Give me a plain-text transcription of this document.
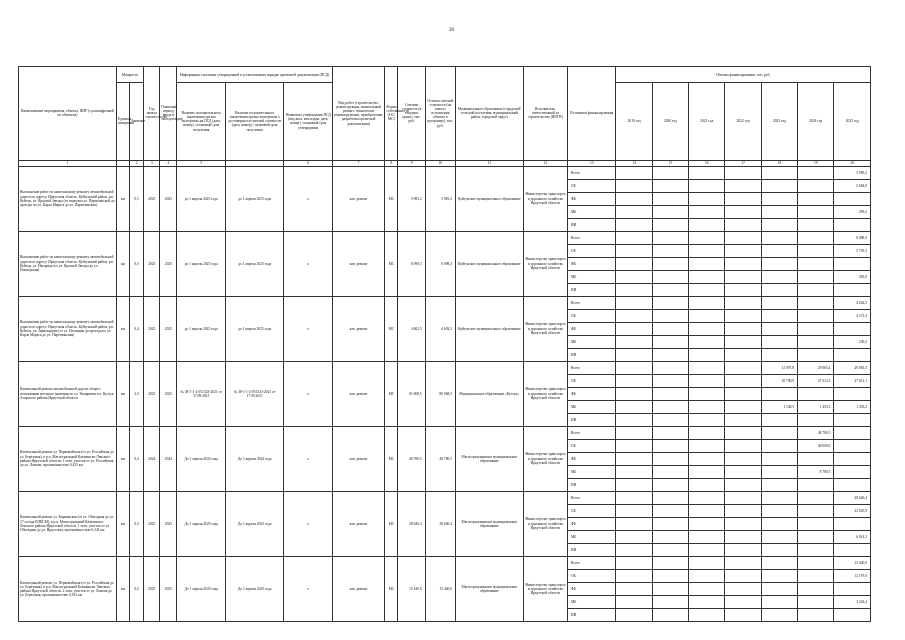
28
Наименование мероприятия, объекта, ПИР (с расшифровкой по объектам)	Мощность		Год начала строительства	Плановый период ввода в эксплуатацию	Информация о наличии утвержденной в установленном порядке проектной документации (ПСД)			Вид работ (строительство, реконструкция, капитальный ремонт, техническое перевооружение, приобретение, разработка проектной документации)	Форма собственности (ОС/МС)	Сметная стоимость (в текущих ценах), тыс. руб.	Остаток сметной стоимости (на начало исполнения объекта в программу), тыс. руб.	Муниципальное образование (городской/сельский поселения, муниципальный район, городской округ)	Исполнитель, ответственный за строительство (ИОГВ)	Источники финансирования	Объемы финансирования, тыс. руб.						
	Единица измерения	Значение			Наличие положительного заключения органа экспертизы на ПСД (дата, номер) / плановый срок получения	Наличие положительного заключения органа экспертизы о достоверности сметной стоимости (дата, номер) / плановый срок получения	Реквизиты утверждения ПСД (вид акта, кем издан, дата, номер) / плановый срок утверждения								2019 год	2020 год	2021 год	2022 год	2023 год	2024 год	2025 год
1		2	3	4	5		6	7	8	9	10	11	12	13	14	15	16	17	18	19	20
Выполнение работ по капитальному ремонту автомобильной дороги по адресу: Иркутская область, Куйтунский район, р.п. Куйтун, ул. Красной Звезды (от переулка ул. Партизанской до проезда по ул. Карла Маркса до ул. Партизанская)	км	0,5	2025	2025	до 1 апреля 2025 года	до 1 апреля 2025 года	х	кап. ремонт	МС	5 983,2	5 983,2	Куйтунское муниципальное образование	Министерство транспорта и дорожного хозяйства Иркутской области	Всего							5 983,2
														ОБ							5 684,0
														ФБ							
														МБ							299,2
														ИИ							
Выполнение работ по капитальному ремонту автомобильной дороги по адресу: Иркутская область, Куйтунский район, р.п. Куйтун, ул. Нагорная (от ул. Красной Звезды до ул. Пионерская)	км	0,5	2025	2025	до 1 апреля 2025 года	до 1 апреля 2025 года	х	кап. ремонт	МС	6 098,3	6 098,3	Куйтунское муниципальное образование	Министерство транспорта и дорожного хозяйства Иркутской области	Всего							6 098,3
														ОБ							5 793,3
														ФБ							
														МБ							305,0
														ИИ							
Выполнение работ по капитальному ремонту автомобильной дороги по адресу: Иркутская область, Куйтунский район, р.п. Куйтун, ул. Зерновидова (от ул. Целинная до проезда по ул. Карла Маркса до ул. Партизанская)	км	0,4	2025	2025	до 1 апреля 2025 года	до 1 апреля 2025 года	х	кап. ремонт	МС	4 602,5	4 602,5	Куйтунское муниципальное образование	Министерство транспорта и дорожного хозяйства Иркутской области	Всего							4 602,5
														ОБ							4 372,3
														ФБ							
														МБ							230,2
														ИИ							
Капитальный ремонт автомобильной дороги общего пользования местного значения по ул. Тимиряева в п. Култук Аларского района Иркутской области	км	2,5	2023	2025	№ 38-1-1-2-051323-2021 от 17.09.2021	№ 38-1-1-2-051323-2021 от 17.09.2021	х	кап. ремонт	МС	81 068,5	80 068,5	Муниципальное образование «Култук»	Министерство транспорта и дорожного хозяйства Иркутской области	Всего					12 097,8	29 065,4	29 065,5
														ОБ					10 790,9	27 612,1	27 612,1
														ФБ							
														МБ					1 140,5	1 453,3	1 453,2
														ИИ							
Капитальный ремонт ул. Первомайская (от ул. Российская до ул. Берёзовая), в р.п. Магистральный Казачинско-Ленского района Иркутской области, 1 этап, участок от ул. Российская до ул. Ломова, протяжённостью 0,435 км	км	0,4	2024	2024	До 1 апреля 2024 года	До 1 апреля 2024 года	х	кап. ремонт	МС	48 780,5	48 780,5	Магистральнинское муниципальное образование	Министерство транспорта и дорожного хозяйства Иркутской области	Всего						48 780,5	
														ОБ						40 000,0	
														ФБ							
														МБ						8 780,5	
														ИИ							
Капитальный ремонт ул. Карпинская (от ул. Обьездная до ул. 17 съезда ВЛКСМ), в р.п. Магистральный Казачинско-Ленского района Иркутской области, 1 этап, участок от ул. Обьездная до ул. Иркутская, протяжённостью 0,341 км	км	0,3	2025	2025	До 1 апреля 2025 года	До 1 апреля 2025 года	х	кап. ремонт	МС	28 640,4	28 640,4	Магистральнинское муниципальное образование	Министерство транспорта и дорожного хозяйства Иркутской области	Всего							28 640,4
														ОБ							22 625,9
														ФБ							
														МБ							6 014,5
														ИИ							
Капитальный ремонт ул. Первомайская (от ул. Российская до ул. Берёзовая), в р.п. Магистральный Казачинско-Ленского района Иркутской области, 2 этап, участок от ул. Ломова до ул. Берёзовая, протяжённостью 0,433 км	км	0,2	2025	2025	До 1 апреля 2025 года	До 1 апреля 2025 года	х	кап. ремонт	МС	15 440,0	15 440,0	Магистральнинское муниципальное образование	Министерство транспорта и дорожного хозяйства Иркутской области	Всего							15 440,0
														ОБ							12 197,6
														ФБ							
														МБ							3 242,4
														ИИ							
